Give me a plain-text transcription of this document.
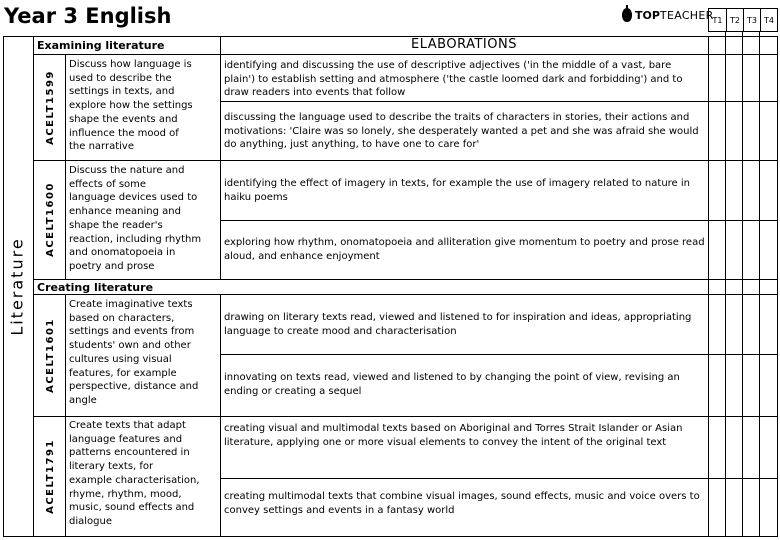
Year 3 English	TOP TEACHER
T1 T2 T3 T4
Literature
Examining literature	ELABORATIONS
Creating literature
ACELT1599
Discuss how language is
used to describe the
settings in texts, and
explore how the settings
shape the events and
influence the mood of
the narrative
identifying and discussing the use of descriptive adjectives ('in the middle of a vast, bare plain') to establish setting and atmosphere ('the castle loomed dark and forbidding') and to draw readers into events that follow
discussing the language used to describe the traits of characters in stories, their actions and motivations: 'Claire was so lonely, she desperately wanted a pet and she was afraid she would do anything, just anything, to have one to care for'
ACELT1600
Discuss the nature and
effects of some
language devices used to
enhance meaning and
shape the reader's
reaction, including rhythm
and onomatopoeia in
poetry and prose
identifying the effect of imagery in texts, for example the use of imagery related to nature in haiku poems
exploring how rhythm, onomatopoeia and alliteration give momentum to poetry and prose read aloud, and enhance enjoyment
ACELT1601
Create imaginative texts
based on characters,
settings and events from
students' own and other
cultures using visual
features, for example
perspective, distance and
angle
drawing on literary texts read, viewed and listened to for inspiration and ideas, appropriating language to create mood and characterisation
innovating on texts read, viewed and listened to by changing the point of view, revising an ending or creating a sequel
ACELT1791
Create texts that adapt
language features and
patterns encountered in
literary texts, for
example characterisation,
rhyme, rhythm, mood,
music, sound effects and
dialogue
creating visual and multimodal texts based on Aboriginal and Torres Strait Islander or Asian literature, applying one or more visual elements to convey the intent of the original text
creating multimodal texts that combine visual images, sound effects, music and voice overs to convey settings and events in a fantasy world
